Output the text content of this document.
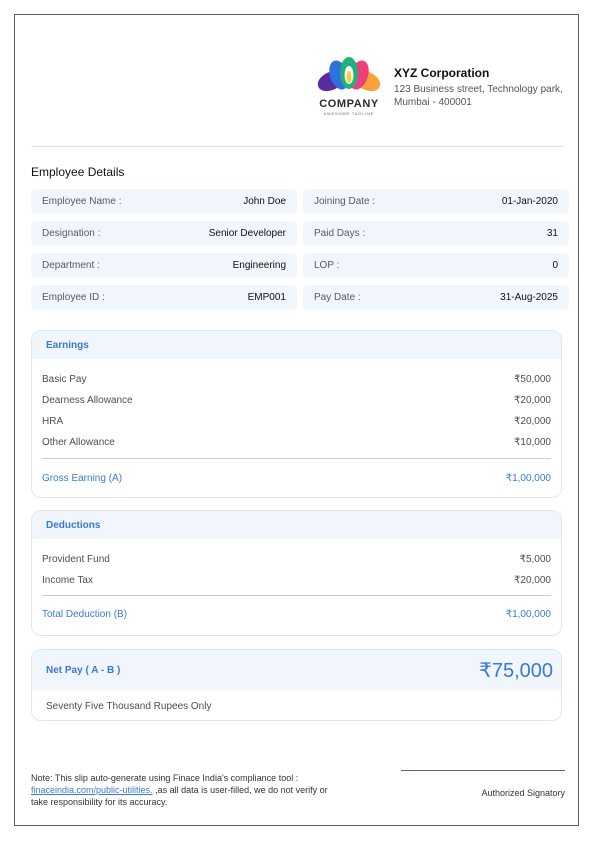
COMPANY
AWESOME TAGLINE
XYZ Corporation
123 Business street, Technology park, Mumbai - 400001
Employee Details
Employee Name :	John Doe
Designation :	Senior Developer
Department :	Engineering
Employee ID :	EMP001
Joining Date :	01-Jan-2020
Paid Days :	31
LOP :	0
Pay Date :	31-Aug-2025
Earnings
Basic Pay	₹50,000
Dearness Allowance	₹20,000
HRA	₹20,000
Other Allowance	₹10,000
Gross Earning (A)	₹1,00,000
Deductions
Provident Fund	₹5,000
Income Tax	₹20,000
Total Deduction (B)	₹1,00,000
Net Pay ( A - B )	₹75,000
Seventy Five Thousand Rupees Only
Note: This slip auto-generate using Finace India's compliance tool : finaceindia.com/public-utilities. ,as all data is user-filled, we do not verify or take responsibility for its accuracy.
Authorized Signatory
